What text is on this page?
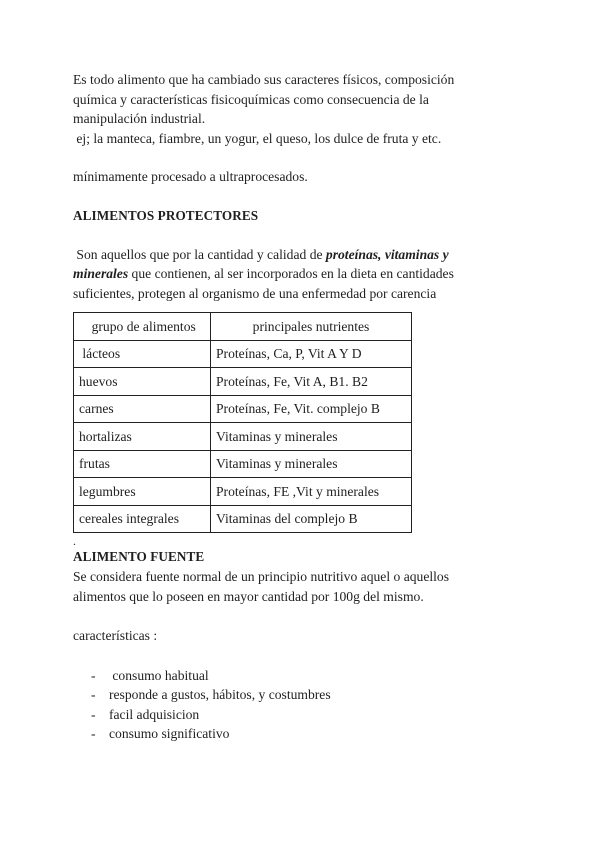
Es todo alimento que ha cambiado sus caracteres físicos, composición

química y características fisicoquímicas como consecuencia de la

manipulación industrial.

ej; la manteca, fiambre, un yogur, el queso, los dulce de fruta y etc.

mínimamente procesado a ultraprocesados.

ALIMENTOS PROTECTORES

Son aquellos que por la cantidad y calidad de proteínas, vitaminas y

minerales que contienen, al ser incorporados en la dieta en cantidades

suficientes, protegen al organismo de una enfermedad por carencia

grupo de alimentos	principales nutrientes
lácteos	Proteínas, Ca, P, Vit A Y D
huevos	Proteínas, Fe, Vit A, B1. B2
carnes	Proteínas, Fe, Vit. complejo B
hortalizas	Vitaminas y minerales
frutas	Vitaminas y minerales
legumbres	Proteínas, FE ,Vit y minerales
cereales integrales	Vitaminas del complejo B
.

ALIMENTO FUENTE

Se considera fuente normal de un principio nutritivo aquel o aquellos

alimentos que lo poseen en mayor cantidad por 100g del mismo.

características :

- consumo habitual
- responde a gustos, hábitos, y costumbres
- facil adquisicion
- consumo significativo
